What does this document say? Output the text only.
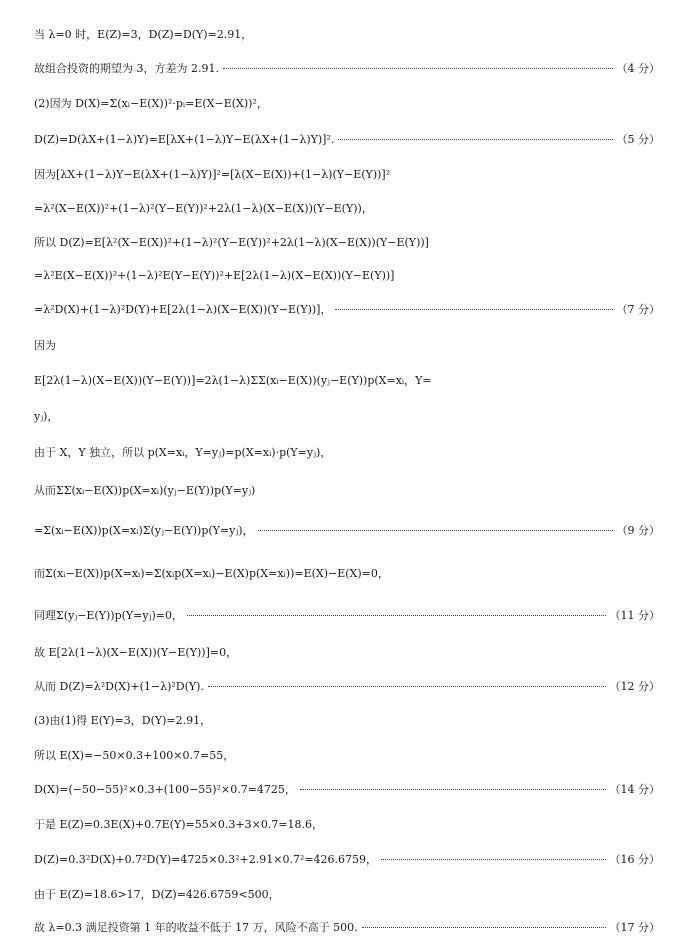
当 λ=0 时，E(Z)=3，D(Z)=D(Y)=2.91，
故组合投资的期望为 3，方差为 2.91.	（4 分）
(2)因为 D(X)=Σ(xᵢ−E(X))²·pᵢ=E(X−E(X))²，
D(Z)=D(λX+(1−λ)Y)=E[λX+(1−λ)Y−E(λX+(1−λ)Y)]².	（5 分）
因为[λX+(1−λ)Y−E(λX+(1−λ)Y)]²=[λ(X−E(X))+(1−λ)(Y−E(Y))]²
=λ²(X−E(X))²+(1−λ)²(Y−E(Y))²+2λ(1−λ)(X−E(X))(Y−E(Y))，
所以 D(Z)=E[λ²(X−E(X))²+(1−λ)²(Y−E(Y))²+2λ(1−λ)(X−E(X))(Y−E(Y))]
=λ²E(X−E(X))²+(1−λ)²E(Y−E(Y))²+E[2λ(1−λ)(X−E(X))(Y−E(Y))]
=λ²D(X)+(1−λ)²D(Y)+E[2λ(1−λ)(X−E(X))(Y−E(Y))]，	（7 分）
因为
E[2λ(1−λ)(X−E(X))(Y−E(Y))]=2λ(1−λ)ΣΣ(xᵢ−E(X))(yⱼ−E(Y))p(X=xᵢ，Y=
yⱼ)，
由于 X，Y 独立，所以 p(X=xᵢ，Y=yⱼ)=p(X=xᵢ)·p(Y=yⱼ)，
从而ΣΣ(xᵢ−E(X))p(X=xᵢ)(yⱼ−E(Y))p(Y=yⱼ)
=Σ(xᵢ−E(X))p(X=xᵢ)Σ(yⱼ−E(Y))p(Y=yⱼ)，	（9 分）
而Σ(xᵢ−E(X))p(X=xᵢ)=Σ(xᵢp(X=xᵢ)−E(X)p(X=xᵢ))=E(X)−E(X)=0，
同理Σ(yⱼ−E(Y))p(Y=yⱼ)=0，	（11 分）
故 E[2λ(1−λ)(X−E(X))(Y−E(Y))]=0，
从而 D(Z)=λ²D(X)+(1−λ)²D(Y).	（12 分）
(3)由(1)得 E(Y)=3，D(Y)=2.91，
所以 E(X)=−50×0.3+100×0.7=55，
D(X)=(−50−55)²×0.3+(100−55)²×0.7=4725，	（14 分）
于是 E(Z)=0.3E(X)+0.7E(Y)=55×0.3+3×0.7=18.6，
D(Z)=0.3²D(X)+0.7²D(Y)=4725×0.3²+2.91×0.7²=426.6759，	（16 分）
由于 E(Z)=18.6>17，D(Z)=426.6759<500，
故 λ=0.3 满足投资第 1 年的收益不低于 17 万，风险不高于 500.	（17 分）
